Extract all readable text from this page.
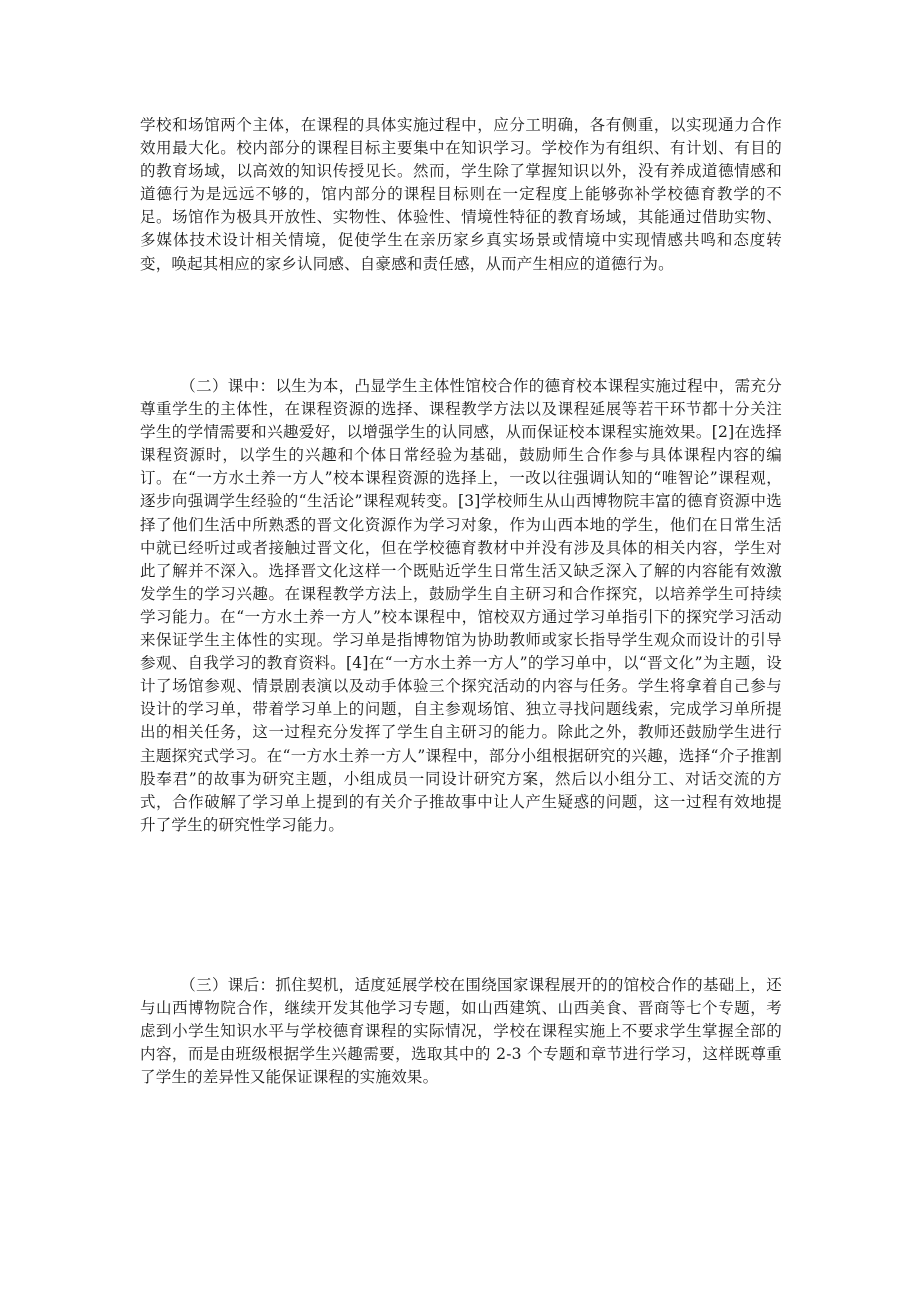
学校和场馆两个主体，在课程的具体实施过程中，应分工明确，各有侧重，以实现通力合作效用最大化。校内部分的课程目标主要集中在知识学习。学校作为有组织、有计划、有目的的教育场域，以高效的知识传授见长。然而，学生除了掌握知识以外，没有养成道德情感和道德行为是远远不够的，馆内部分的课程目标则在一定程度上能够弥补学校德育教学的不足。场馆作为极具开放性、实物性、体验性、情境性特征的教育场域，其能通过借助实物、多媒体技术设计相关情境，促使学生在亲历家乡真实场景或情境中实现情感共鸣和态度转变，唤起其相应的家乡认同感、自豪感和责任感，从而产生相应的道德行为。

（二）课中：以生为本，凸显学生主体性馆校合作的德育校本课程实施过程中，需充分尊重学生的主体性，在课程资源的选择、课程教学方法以及课程延展等若干环节都十分关注学生的学情需要和兴趣爱好，以增强学生的认同感，从而保证校本课程实施效果。[2]在选择课程资源时，以学生的兴趣和个体日常经验为基础，鼓励师生合作参与具体课程内容的编订。在“一方水土养一方人”校本课程资源的选择上，一改以往强调认知的“唯智论”课程观，逐步向强调学生经验的“生活论”课程观转变。[3]学校师生从山西博物院丰富的德育资源中选择了他们生活中所熟悉的晋文化资源作为学习对象，作为山西本地的学生，他们在日常生活中就已经听过或者接触过晋文化，但在学校德育教材中并没有涉及具体的相关内容，学生对此了解并不深入。选择晋文化这样一个既贴近学生日常生活又缺乏深入了解的内容能有效激发学生的学习兴趣。在课程教学方法上，鼓励学生自主研习和合作探究，以培养学生可持续学习能力。在“一方水土养一方人”校本课程中，馆校双方通过学习单指引下的探究学习活动来保证学生主体性的实现。学习单是指博物馆为协助教师或家长指导学生观众而设计的引导参观、自我学习的教育资料。[4]在“一方水土养一方人”的学习单中，以“晋文化”为主题，设计了场馆参观、情景剧表演以及动手体验三个探究活动的内容与任务。学生将拿着自己参与设计的学习单，带着学习单上的问题，自主参观场馆、独立寻找问题线索，完成学习单所提出的相关任务，这一过程充分发挥了学生自主研习的能力。除此之外，教师还鼓励学生进行主题探究式学习。在“一方水土养一方人”课程中，部分小组根据研究的兴趣，选择“介子推割股奉君”的故事为研究主题，小组成员一同设计研究方案，然后以小组分工、对话交流的方式，合作破解了学习单上提到的有关介子推故事中让人产生疑惑的问题，这一过程有效地提升了学生的研究性学习能力。

（三）课后：抓住契机，适度延展学校在围绕国家课程展开的的馆校合作的基础上，还与山西博物院合作，继续开发其他学习专题，如山西建筑、山西美食、晋商等七个专题，考虑到小学生知识水平与学校德育课程的实际情况，学校在课程实施上不要求学生掌握全部的内容，而是由班级根据学生兴趣需要，选取其中的 2-3 个专题和章节进行学习，这样既尊重了学生的差异性又能保证课程的实施效果。
